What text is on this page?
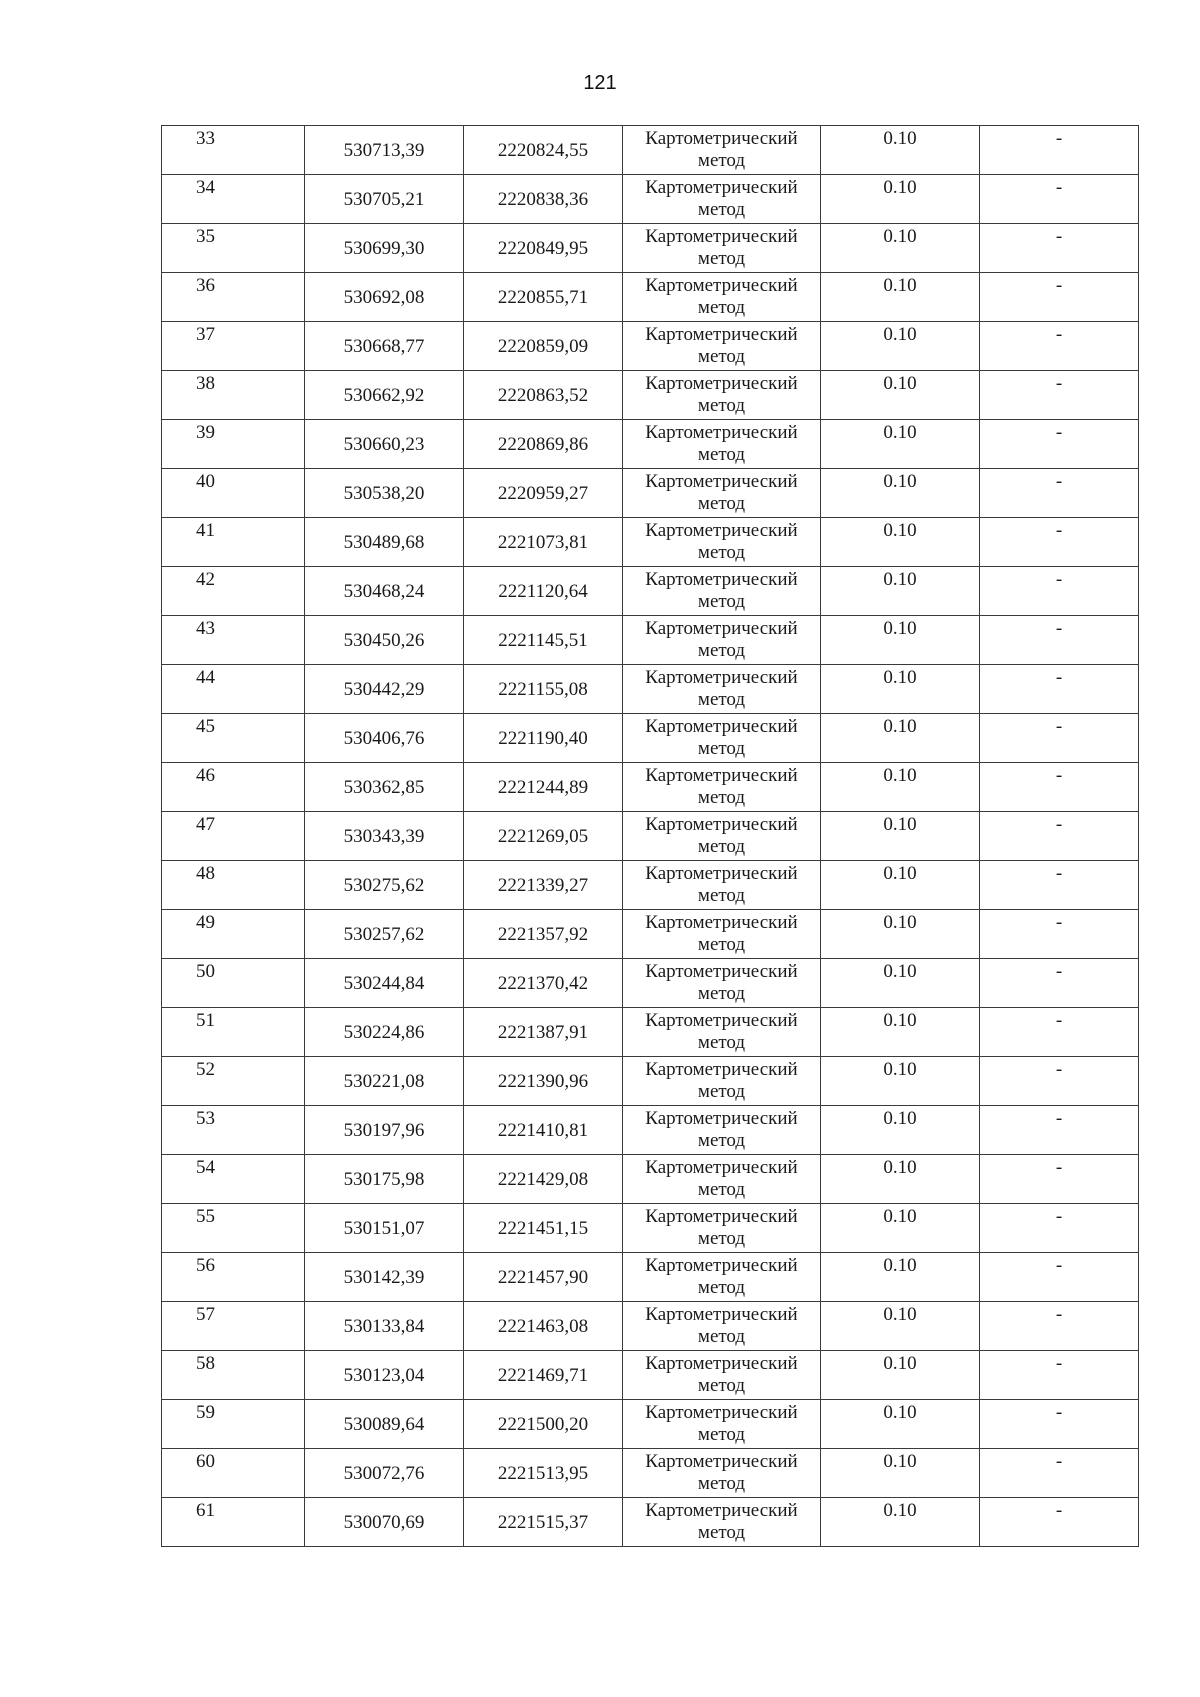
121
33	530713,39	2220824,55	Картометрический метод	0.10	-

34	530705,21	2220838,36	Картометрический метод	0.10	-

35	530699,30	2220849,95	Картометрический метод	0.10	-

36	530692,08	2220855,71	Картометрический метод	0.10	-

37	530668,77	2220859,09	Картометрический метод	0.10	-

38	530662,92	2220863,52	Картометрический метод	0.10	-

39	530660,23	2220869,86	Картометрический метод	0.10	-

40	530538,20	2220959,27	Картометрический метод	0.10	-

41	530489,68	2221073,81	Картометрический метод	0.10	-

42	530468,24	2221120,64	Картометрический метод	0.10	-

43	530450,26	2221145,51	Картометрический метод	0.10	-

44	530442,29	2221155,08	Картометрический метод	0.10	-

45	530406,76	2221190,40	Картометрический метод	0.10	-

46	530362,85	2221244,89	Картометрический метод	0.10	-

47	530343,39	2221269,05	Картометрический метод	0.10	-

48	530275,62	2221339,27	Картометрический метод	0.10	-

49	530257,62	2221357,92	Картометрический метод	0.10	-

50	530244,84	2221370,42	Картометрический метод	0.10	-

51	530224,86	2221387,91	Картометрический метод	0.10	-

52	530221,08	2221390,96	Картометрический метод	0.10	-

53	530197,96	2221410,81	Картометрический метод	0.10	-

54	530175,98	2221429,08	Картометрический метод	0.10	-

55	530151,07	2221451,15	Картометрический метод	0.10	-

56	530142,39	2221457,90	Картометрический метод	0.10	-

57	530133,84	2221463,08	Картометрический метод	0.10	-

58	530123,04	2221469,71	Картометрический метод	0.10	-

59	530089,64	2221500,20	Картометрический метод	0.10	-

60	530072,76	2221513,95	Картометрический метод	0.10	-

61	530070,69	2221515,37	Картометрический метод	0.10	-
